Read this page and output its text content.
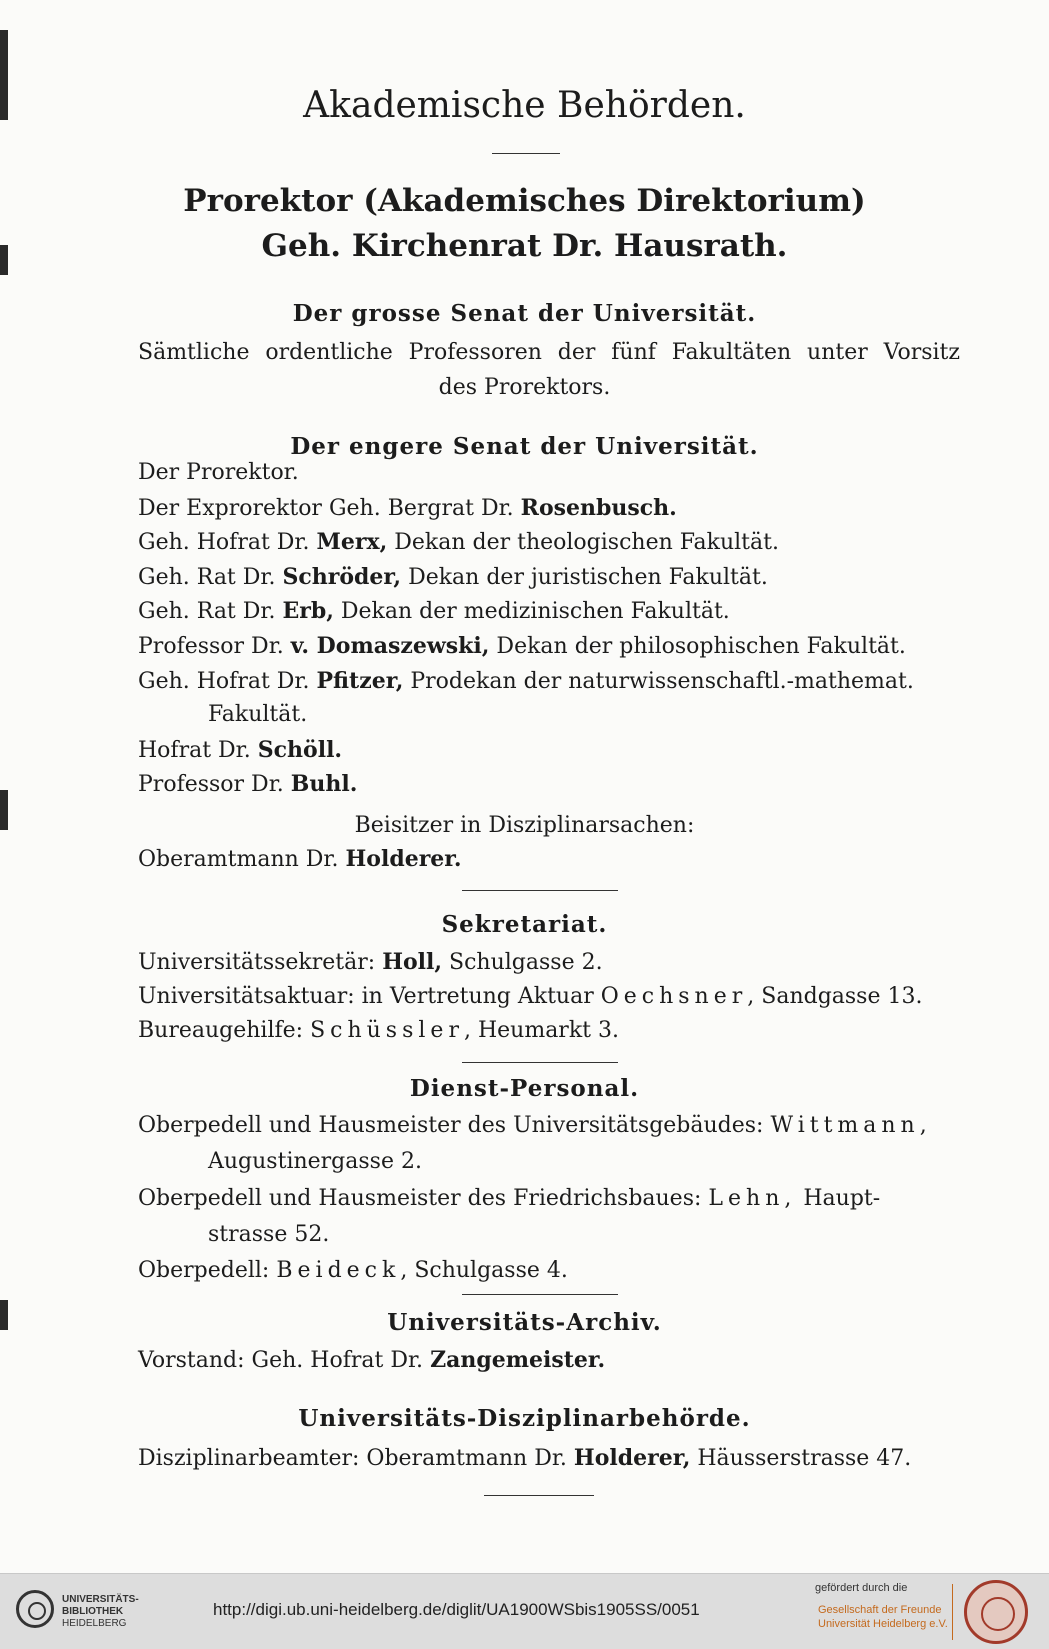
Akademische Behörden.
Prorektor (Akademisches Direktorium)
Geh. Kirchenrat Dr. Hausrath.
Der grosse Senat der Universität.
Sämtliche ordentliche Professoren der fünf Fakultäten unter Vorsitz
des Prorektors.
Der engere Senat der Universität.
Der Prorektor.
Der Exprorektor Geh. Bergrat Dr. Rosenbusch.
Geh. Hofrat Dr. Merx, Dekan der theologischen Fakultät.
Geh. Rat Dr. Schröder, Dekan der juristischen Fakultät.
Geh. Rat Dr. Erb, Dekan der medizinischen Fakultät.
Professor Dr. v. Domaszewski, Dekan der philosophischen Fakultät.
Geh. Hofrat Dr. Pfitzer, Prodekan der naturwissenschaftl.-mathemat.
Fakultät.
Hofrat Dr. Schöll.
Professor Dr. Buhl.
Beisitzer in Disziplinarsachen:
Oberamtmann Dr. Holderer.
Sekretariat.
Universitätssekretär: Holl, Schulgasse 2.
Universitätsaktuar: in Vertretung Aktuar Oechsner, Sandgasse 13.
Bureaugehilfe: Schüssler, Heumarkt 3.
Dienst-Personal.
Oberpedell und Hausmeister des Universitätsgebäudes: Wittmann,
Augustinergasse 2.
Oberpedell und Hausmeister des Friedrichsbaues: Lehn, Haupt-
strasse 52.
Oberpedell: Beideck, Schulgasse 4.
Universitäts-Archiv.
Vorstand: Geh. Hofrat Dr. Zangemeister.
Universitäts-Disziplinarbehörde.
Disziplinarbeamter: Oberamtmann Dr. Holderer, Häusserstrasse 47.
UNIVERSITÄTS-
BIBLIOTHEK
HEIDELBERG
http://digi.ub.uni-heidelberg.de/diglit/UA1900WSbis1905SS/0051
gefördert durch die
Gesellschaft der Freunde
Universität Heidelberg e.V.
